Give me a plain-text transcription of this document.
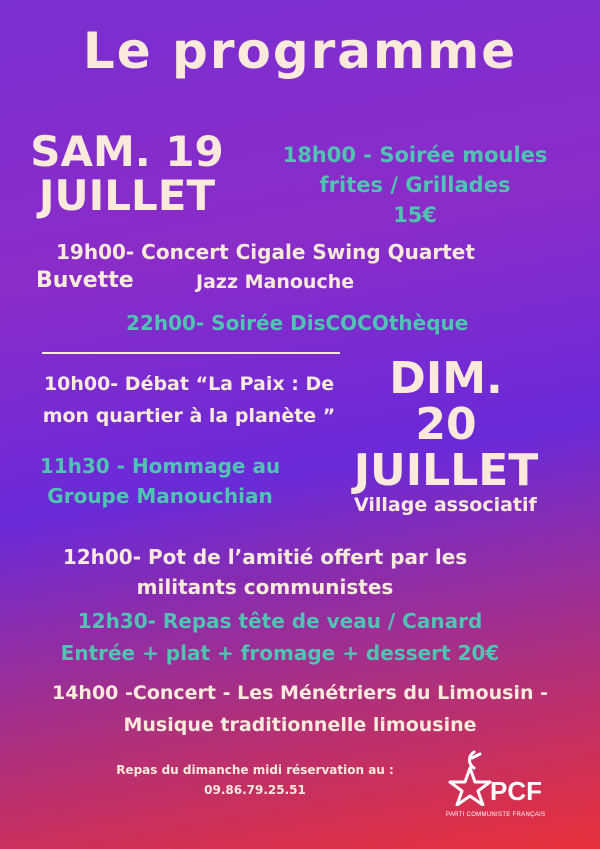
Le programme
SAM. 19
JUILLET
18h00 - Soirée moules
frites / Grillades
15€
19h00- Concert Cigale Swing Quartet
Buvette	Jazz Manouche
22h00- Soirée DisCOCOthèque
10h00- Débat “La Paix : De
mon quartier à la planète ”
DIM.
20
JUILLET
11h30 - Hommage au
Groupe Manouchian	Village associatif
12h00- Pot de l’amitié offert par les
militants communistes
12h30- Repas tête de veau / Canard
Entrée + plat + fromage + dessert 20€
14h00 -Concert - Les Ménétriers du Limousin -
Musique traditionnelle limousine
Repas du dimanche midi réservation au :
09.86.79.25.51	PCF
PARTI COMMUNISTE FRANÇAIS
